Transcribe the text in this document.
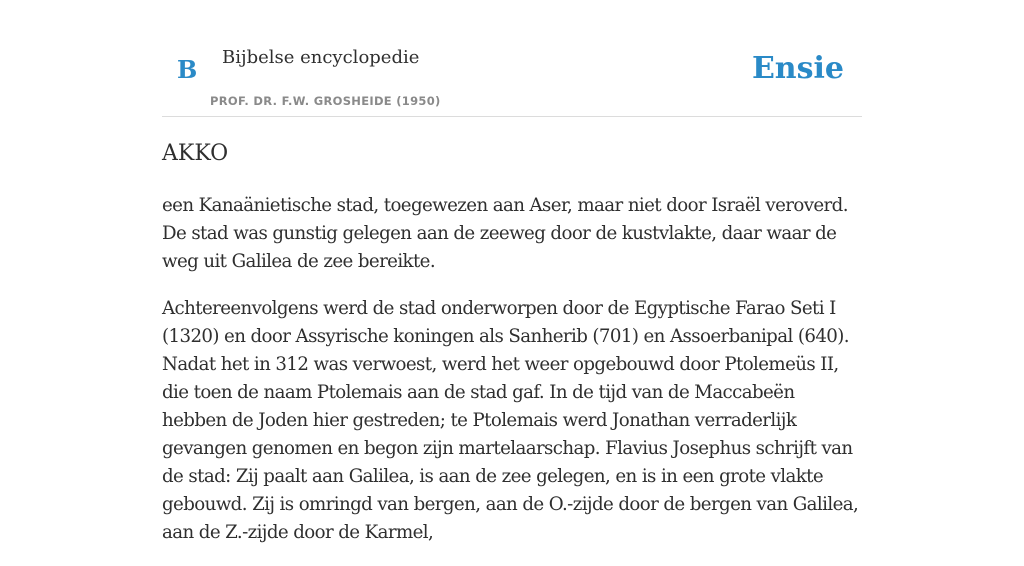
B Bijbelse encyclopedie
PROF. DR. F.W. GROSHEIDE (1950)
Ensie
AKKO

een Kanaänietische stad, toegewezen aan Aser, maar niet door Israël veroverd. De stad was gunstig gelegen aan de zeeweg door de kustvlakte, daar waar de weg uit Galilea de zee bereikte.

Achtereenvolgens werd de stad onderworpen door de Egyptische Farao Seti I (1320) en door Assyrische koningen als Sanherib (701) en Assoerbanipal (640). Nadat het in 312 was verwoest, werd het weer opgebouwd door Ptolemeüs II, die toen de naam Ptolemais aan de stad gaf. In de tijd van de Maccabeën hebben de Joden hier gestreden; te Ptolemais werd Jonathan verraderlijk gevangen genomen en begon zijn martelaarschap. Flavius Josephus schrijft van de stad: Zij paalt aan Galilea, is aan de zee gelegen, en is in een grote vlakte gebouwd. Zij is omringd van bergen, aan de O.-zijde door de bergen van Galilea, aan de Z.-zijde door de Karmel,
